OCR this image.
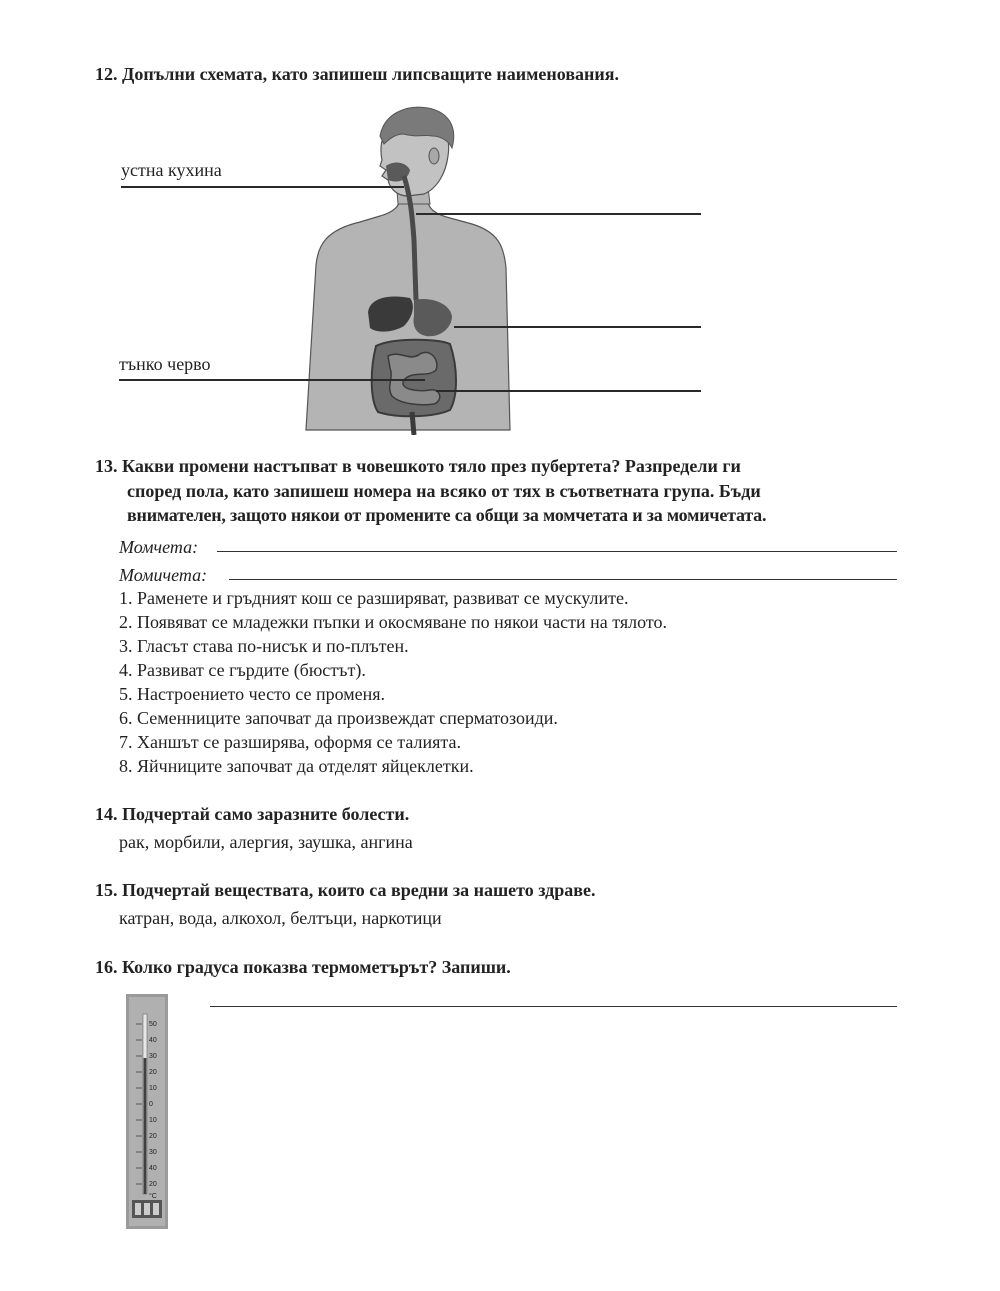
12. Допълни схемата, като запишеш липсващите наименования.
устна кухина
тънко черво
13. Какви промени настъпват в човешкото тяло през пубертета? Разпредели ги
според пола, като запишеш номера на всяко от тях в съответната група. Бъди
внимателен, защото някои от промените са общи за момчетата и за момичетата.
Момчета:
Момичета:
1. Раменете и гръдният кош се разширяват, развиват се мускулите.
2. Появяват се младежки пъпки и окосмяване по някои части на тялото.
3. Гласът става по-нисък и по-плътен.
4. Развиват се гърдите (бюстът).
5. Настроението често се променя.
6. Семенниците започват да произвеждат сперматозоиди.
7. Ханшът се разширява, оформя се талията.
8. Яйчниците започват да отделят яйцеклетки.
14. Подчертай само заразните болести.
рак, морбили, алергия, заушка, ангина
15. Подчертай веществата, които са вредни за нашето здраве.
катран, вода, алкохол, белтъци, наркотици
16. Колко градуса показва термометърът? Запиши.
50
40
30
20
10
0
10
20
30
40
20
°C
